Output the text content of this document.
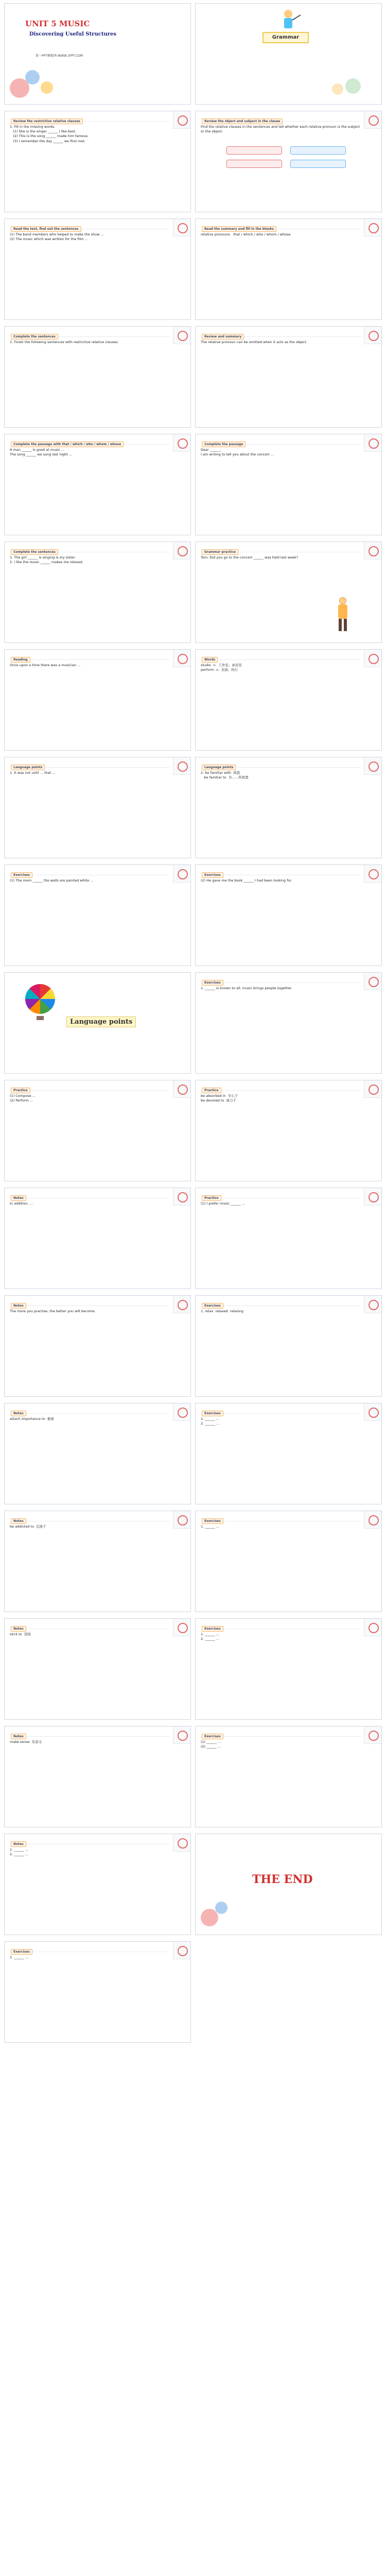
UNIT 5 MUSIC
Discovering Useful Structures
第一PPT模板网-WWW.1PPT.COM
Grammar
Review the restrictive relative clauses
1. Fill in the missing words.
(1) She is the singer ______ I like best.
(2) This is the song ______ made him famous.
(3) I remember the day ______ we first met.
Review the object and subject in the clause
Find the relative clauses in the sentences and tell whether each relative pronoun is the subject or the object.
Read the text, find out the sentences
(1) The band members who helped to make the show ...
(2) The music which was written for the film ...
Read the summary and fill in the blanks
relative pronouns   that / which / who / whom / whose
Complete the sentences
1. Finish the following sentences with restrictive relative clauses.
Review and summary
The relative pronoun can be omitted when it acts as the object.
Complete the passage with that / which / who / whom / whose
A man ______ is good at music ...
The song ______ we sang last night ...
Complete the passage
Dear ______,
I am writing to tell you about the concert ...
Complete the sentences
1. The girl ______ is singing is my sister.
2. I like the music ______ makes me relaxed.
Grammar practice
Tom: Did you go to the concert ______ was held last week?
Reading
Once upon a time there was a musician ...
Words
studio  n.  工作室；录音室
perform  v.  表演；执行
Language points
1. It was not until ... that ...
Language points
2. be familiar with  熟悉
be familiar to  为……所熟悉
Exercises
(1) The room ______ the walls are painted white ...
Exercises
(2) He gave me the book ______ I had been looking for.
Language points
Exercises
1. ______ is known to all, music brings people together.
Practice
(1) Compose ...
(2) Perform ...
Practice
be absorbed in  专心于
be devoted to  致力于
Notes
In addition, ...
Practice
(1) I prefer music ______ ...
Notes
The more you practise, the better you will become.
Exercises
1. relax  relaxed  relaxing
Notes
attach importance to  重视
Exercises
1. ______ ...
2. ______ ...
Notes
be addicted to  沉迷于
Exercises
1. ______ ...
Notes
stick to  坚持
Exercises
1. ______ ...
2. ______ ...
Notes
make sense  有意义
Exercises
(1) ______ ...
(2) ______ ...
Notes
1. ______ ...
2. ______ ...
THE END
Exercises
1. ______ ...
